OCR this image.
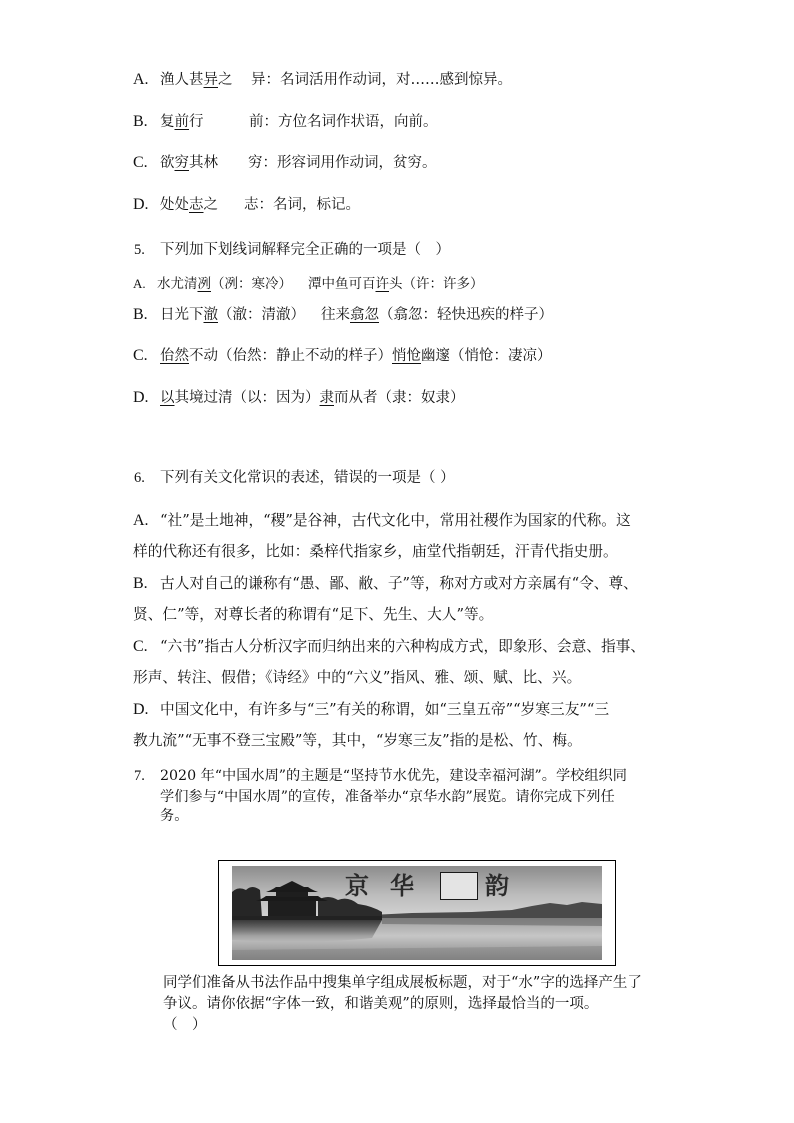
A. 渔人甚异之 异：名词活用作动词，对……感到惊异。
B. 复前行	前：方位名词作状语，向前。
C. 欲穷其林 穷：形容词用作动词，贫穷。
D. 处处志之 志：名词，标记。
5. 下列加下划线词解释完全正确的一项是（　）
A. 水尤清冽（冽：寒冷） 潭中鱼可百许头（许：许多）
B. 日光下澈（澈：清澈） 往来翕忽（翕忽：轻快迅疾的样子）
C. 佁然不动（佁然：静止不动的样子）悄怆幽邃（悄怆：凄凉）
D. 以其境过清（以：因为）隶而从者（隶：奴隶）
6. 下列有关文化常识的表述，错误的一项是（ ）
A. “社”是土地神，“稷”是谷神，古代文化中，常用社稷作为国家的代称。这
样的代称还有很多，比如：桑梓代指家乡，庙堂代指朝廷，汗青代指史册。
B. 古人对自己的谦称有“愚、鄙、敝、子”等，称对方或对方亲属有“令、尊、
贤、仁”等，对尊长者的称谓有“足下、先生、大人”等。
C. “六书”指古人分析汉字而归纳出来的六种构成方式，即象形、会意、指事、
形声、转注、假借；《诗经》中的“六义”指风、雅、颂、赋、比、兴。
D. 中国文化中，有许多与“三”有关的称谓，如“三皇五帝”“岁寒三友”“三
教九流”“无事不登三宝殿”等，其中，“岁寒三友”指的是松、竹、梅。
7. 2020 年“中国水周”的主题是“坚持节水优先，建设幸福河湖”。学校组织同
学们参与“中国水周”的宣传，准备举办“京华水韵”展览。请你完成下列任
务。
京 华	韵
同学们准备从书法作品中搜集单字组成展板标题，对于“水”字的选择产生了
争议。请你依据“字体一致，和谐美观”的原则，选择最恰当的一项。
（　）
